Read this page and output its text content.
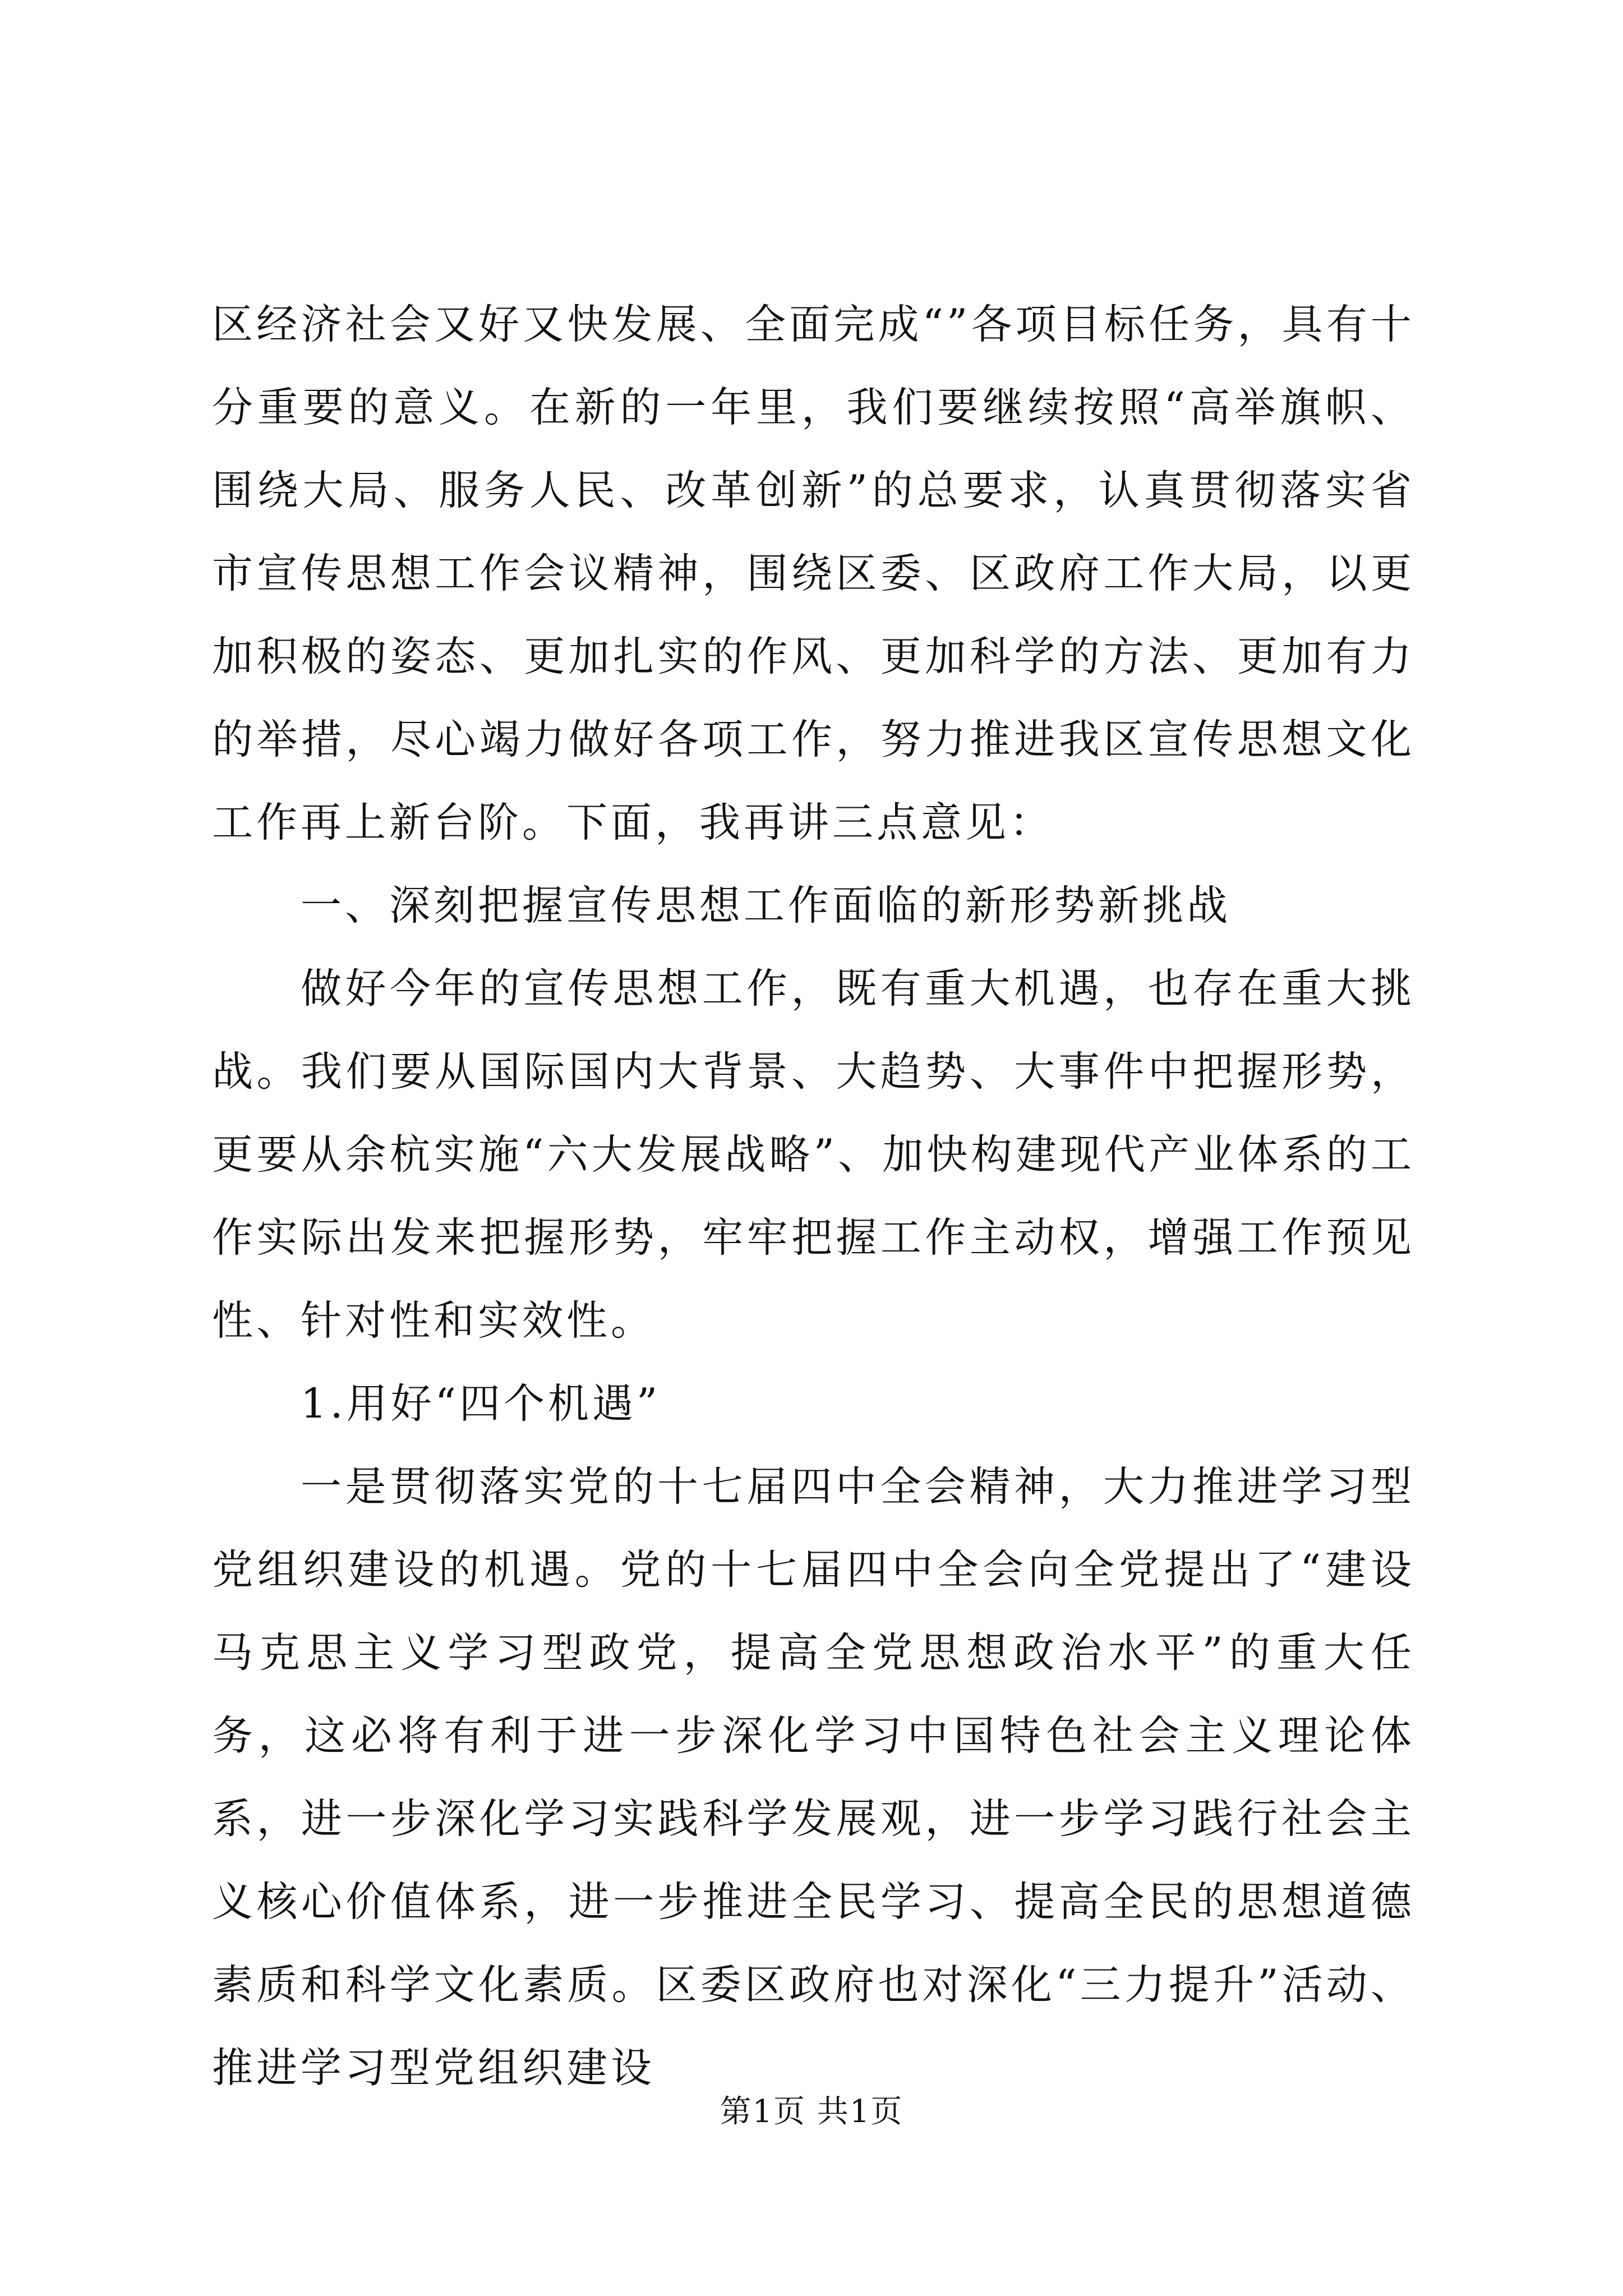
区经济社会又好又快发展、全面完成“”各项目标任务，具有十分重要的意义。在新的一年里，我们要继续按照“高举旗帜、围绕大局、服务人民、改革创新”的总要求，认真贯彻落实省市宣传思想工作会议精神，围绕区委、区政府工作大局，以更加积极的姿态、更加扎实的作风、更加科学的方法、更加有力的举措，尽心竭力做好各项工作，努力推进我区宣传思想文化工作再上新台阶。下面，我再讲三点意见：

一、深刻把握宣传思想工作面临的新形势新挑战

做好今年的宣传思想工作，既有重大机遇，也存在重大挑战。我们要从国际国内大背景、大趋势、大事件中把握形势，更要从余杭实施“六大发展战略”、加快构建现代产业体系的工作实际出发来把握形势，牢牢把握工作主动权，增强工作预见性、针对性和实效性。

1.用好“四个机遇”

一是贯彻落实党的十七届四中全会精神，大力推进学习型党组织建设的机遇。党的十七届四中全会向全党提出了“建设马克思主义学习型政党，提高全党思想政治水平”的重大任务，这必将有利于进一步深化学习中国特色社会主义理论体系，进一步深化学习实践科学发展观，进一步学习践行社会主义核心价值体系，进一步推进全民学习、提高全民的思想道德素质和科学文化素质。区委区政府也对深化“三力提升”活动、推进学习型党组织建设

第1页 共1页
